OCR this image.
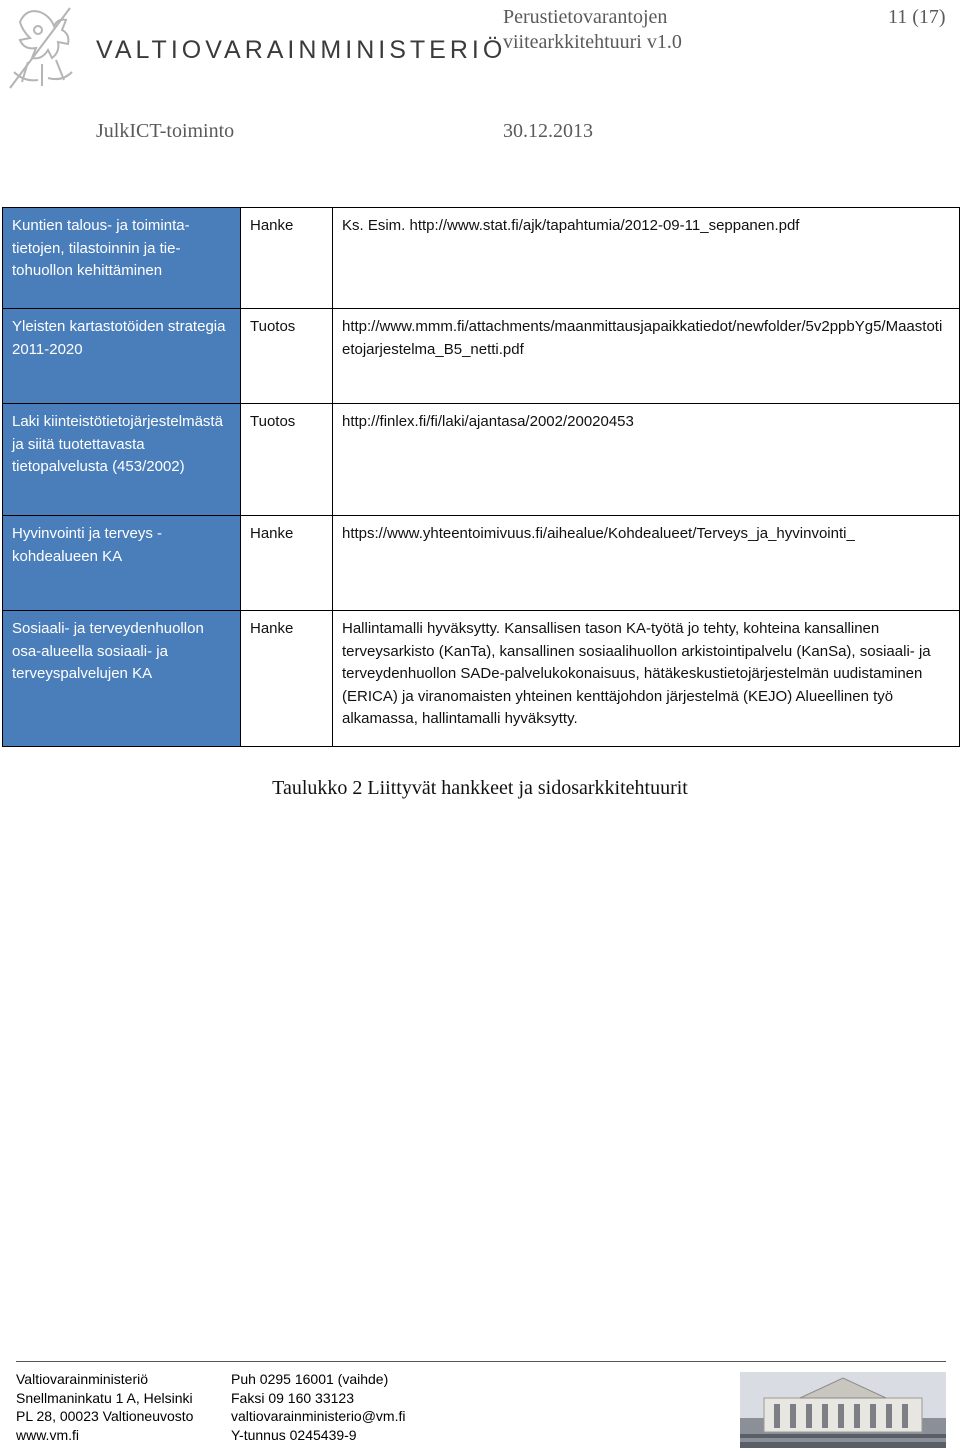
VALTIOVARAINMINISTERIÖ
Perustietovarantojen
viitearkkitehtuuri v1.0
11 (17)
JulkICT-toiminto	30.12.2013
Kuntien talous- ja toimintatietojen, tilastoinnin ja tietohuollon kehittäminen	Hanke	Ks. Esim. http://www.stat.fi/ajk/tapahtumia/2012-09-11_seppanen.pdf
Yleisten kartastotöiden strategia 2011-2020	Tuotos	http://www.mmm.fi/attachments/maanmittausjapaikkatiedot/newfolder/5v2ppbYg5/Maastotietojarjestelma_B5_netti.pdf
Laki kiinteistötietojärjestelmästä ja siitä tuotettavasta tietopalvelusta (453/2002)	Tuotos	http://finlex.fi/fi/laki/ajantasa/2002/20020453
Hyvinvointi ja terveys - kohdealueen KA	Hanke	https://www.yhteentoimivuus.fi/aihealue/Kohdealueet/Terveys_ja_hyvinvointi_
Sosiaali- ja terveydenhuollon osa-alueella sosiaali- ja terveyspalvelujen KA	Hanke	Hallintamalli hyväksytty. Kansallisen tason KA-työtä jo tehty, kohteina kansallinen terveysarkisto (KanTa), kansallinen sosiaalihuollon arkistointipalvelu (KanSa), sosiaali- ja terveydenhuollon SADe-palvelukokonaisuus, hätäkeskustietojärjestelmän uudistaminen (ERICA) ja viranomaisten yhteinen kenttäjohdon järjestelmä (KEJO) Alueellinen työ alkamassa, hallintamalli hyväksytty.
Taulukko 2 Liittyvät hankkeet ja sidosarkkitehtuurit
Valtiovarainministeriö
Snellmaninkatu 1 A, Helsinki
PL 28, 00023 Valtioneuvosto
www.vm.fi
Puh 0295 16001 (vaihde)
Faksi 09 160 33123
valtiovarainministerio@vm.fi
Y-tunnus 0245439-9
